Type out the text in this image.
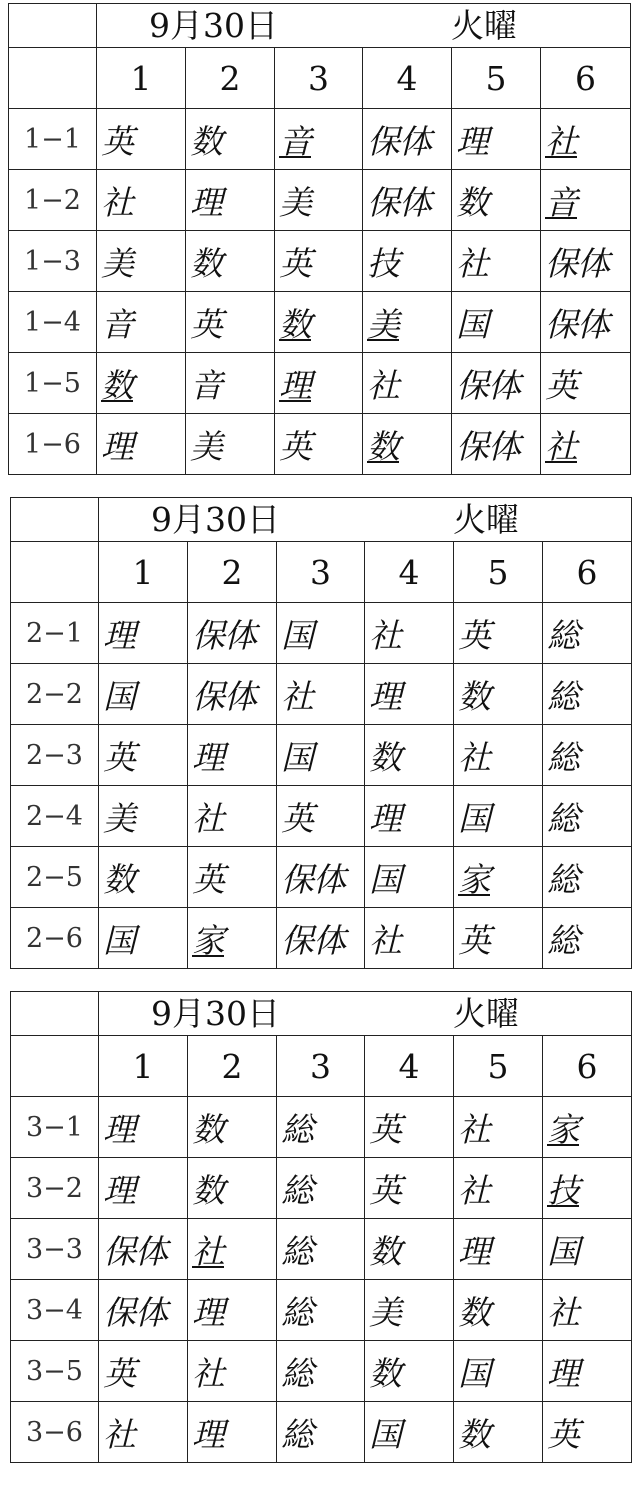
	9月30日 火曜					

	1	2	3	4	5	6
1−1	英	数	音	保体	理	社
1−2	社	理	美	保体	数	音
1−3	美	数	英	技	社	保体
1−4	音	英	数	美	国	保体
1−5	数	音	理	社	保体	英
1−6	理	美	英	数	保体	社

	9月30日 火曜					

	1	2	3	4	5	6
2−1	理	保体	国	社	英	総
2−2	国	保体	社	理	数	総
2−3	英	理	国	数	社	総
2−4	美	社	英	理	国	総
2−5	数	英	保体	国	家	総
2−6	国	家	保体	社	英	総

	9月30日 火曜					

	1	2	3	4	5	6
3−1	理	数	総	英	社	家
3−2	理	数	総	英	社	技
3−3	保体	社	総	数	理	国
3−4	保体	理	総	美	数	社
3−5	英	社	総	数	国	理
3−6	社	理	総	国	数	英
